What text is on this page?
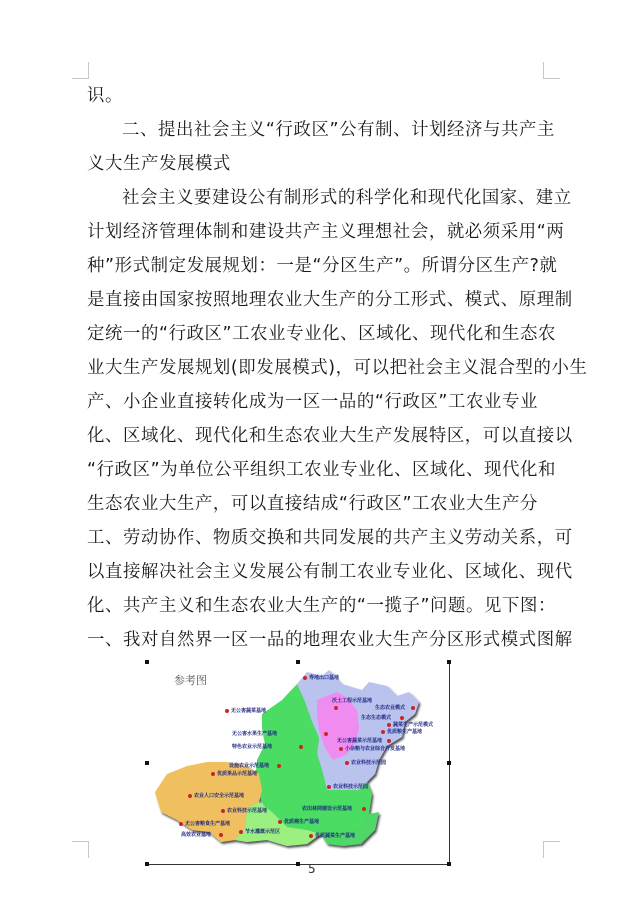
识。
二、提出社会主义“行政区”公有制、计划经济与共产主
义大生产发展模式
社会主义要建设公有制形式的科学化和现代化国家、建立
计划经济管理体制和建设共产主义理想社会，就必须采用“两
种”形式制定发展规划：一是“分区生产”。所谓分区生产?就
是直接由国家按照地理农业大生产的分工形式、模式、原理制
定统一的“行政区”工农业专业化、区域化、现代化和生态农
业大生产发展规划(即发展模式)，可以把社会主义混合型的小生
产、小企业直接转化成为一区一品的“行政区”工农业专业
化、区域化、现代化和生态农业大生产发展特区，可以直接以
“行政区”为单位公平组织工农业专业化、区域化、现代化和
生态农业大生产，可以直接结成“行政区”工农业大生产分
工、劳动协作、物质交换和共同发展的共产主义劳动关系，可
以直接解决社会主义发展公有制工农业专业化、区域化、现代
化、共产主义和生态农业大生产的“一揽子”问题。见下图：
一、我对自然界一区一品的地理农业大生产分区形式模式图解
参考图	寿地出口基地
无公害蔬菜基地
沃土工程示范基地
生态农业模式
生态生态模式
蔬菜生产示范模式
优质粮生产基地
无公害水果生产基地
无公害蔬菜示范基地
特色农业示范基地	小杂粮与农业综合开发基地
设施农业示范基地	农业科技示范园
优质果品示范基地
农业科技示范园
农业人口安全示范基地
农田林网建设示范基地
农业科技示范基地
无公害粮食生产基地	优质棉生产基地
高效农业基地	节水灌溉示范区
优质蔬菜生产基地
5
